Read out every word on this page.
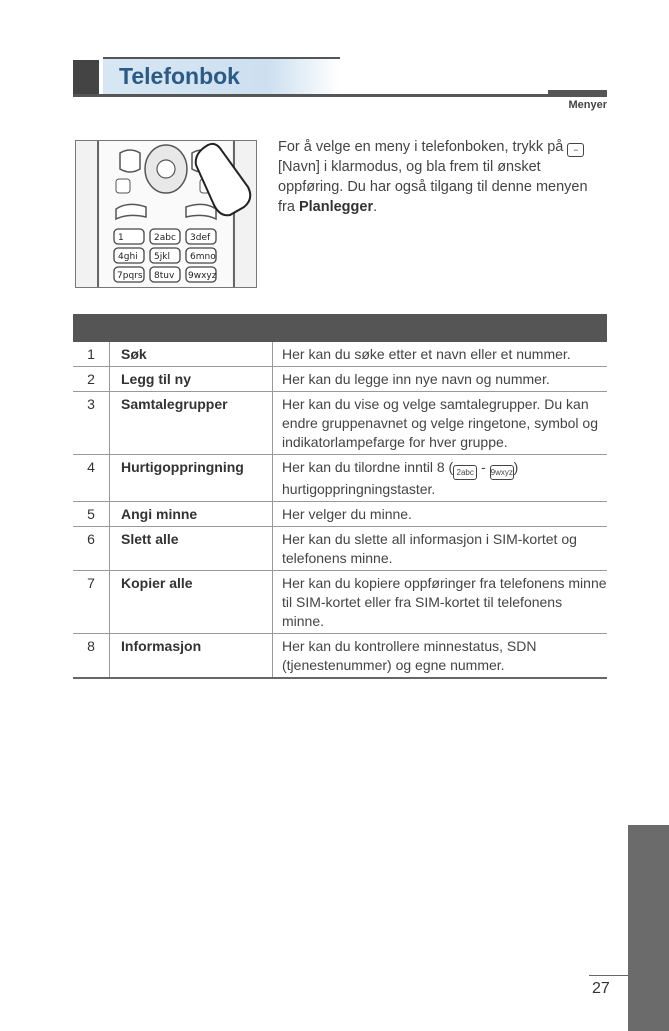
Telefonbok
Menyer
1	2abc 3def
4ghi 5jkl 6mno
7pqrs 8tuv 9wxyz
For å velge en meny i telefonboken, trykk på − [Navn] i klarmodus, og bla frem til ønsket oppføring. Du har også tilgang til denne menyen fra Planlegger.
1	Søk	Her kan du søke etter et navn eller et nummer.
2	Legg til ny	Her kan du legge inn nye navn og nummer.
3	Samtalegrupper	Her kan du vise og velge samtalegrupper. Du kan endre gruppenavnet og velge ringetone, symbol og indikatorlampefarge for hver gruppe.
4	Hurtigoppringning	Her kan du tilordne inntil 8 ( 2abc - 9wxyz) hurtigoppringningstaster.
5	Angi minne	Her velger du minne.
6	Slett alle	Her kan du slette all informasjon i SIM-kortet og telefonens minne.
7	Kopier alle	Her kan du kopiere oppføringer fra telefonens minne til SIM-kortet eller fra SIM-kortet til telefonens minne.
8	Informasjon	Her kan du kontrollere minnestatus, SDN (tjenestenummer) og egne nummer.
27
